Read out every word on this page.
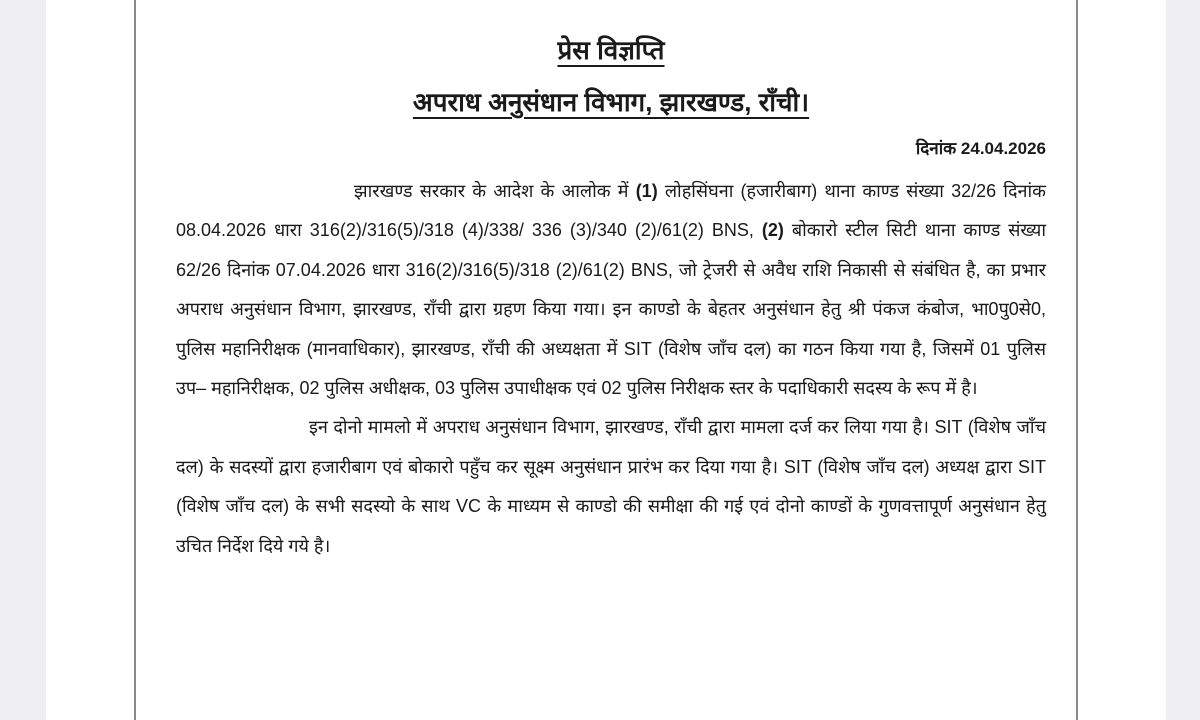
प्रेस विज्ञप्ति
अपराध अनुसंधान विभाग, झारखण्ड, राँची।
दिनांक 24.04.2026
झारखण्ड सरकार के आदेश के आलोक में (1) लोहसिंघना (हजारीबाग) थाना काण्ड संख्या 32/26 दिनांक 08.04.2026 धारा 316(2)/316(5)/318 (4)/338/ 336 (3)/340 (2)/61(2) BNS, (2) बोकारो स्टील सिटी थाना काण्ड संख्या 62/26 दिनांक 07.04.2026 धारा 316(2)/316(5)/318 (2)/61(2) BNS, जो ट्रेजरी से अवैध राशि निकासी से संबंधित है, का प्रभार अपराध अनुसंधान विभाग, झारखण्ड, राँची द्वारा ग्रहण किया गया। इन काण्डो के बेहतर अनुसंधान हेतु श्री पंकज कंबोज, भा0पु0से0, पुलिस महानिरीक्षक (मानवाधिकार), झारखण्ड, राँची की अध्यक्षता में SIT (विशेष जाँच दल) का गठन किया गया है, जिसमें 01 पुलिस उप– महानिरीक्षक, 02 पुलिस अधीक्षक, 03 पुलिस उपाधीक्षक एवं 02 पुलिस निरीक्षक स्तर के पदाधिकारी सदस्य के रूप में है।
इन दोनो मामलो में अपराध अनुसंधान विभाग, झारखण्ड, राँची द्वारा मामला दर्ज कर लिया गया है। SIT (विशेष जाँच दल) के सदस्यों द्वारा हजारीबाग एवं बोकारो पहुँच कर सूक्ष्म अनुसंधान प्रारंभ कर दिया गया है। SIT (विशेष जाँच दल) अध्यक्ष द्वारा SIT (विशेष जाँच दल) के सभी सदस्यो के साथ VC के माध्यम से काण्डो की समीक्षा की गई एवं दोनो काण्डों के गुणवत्तापूर्ण अनुसंधान हेतु उचित निर्देश दिये गये है।
